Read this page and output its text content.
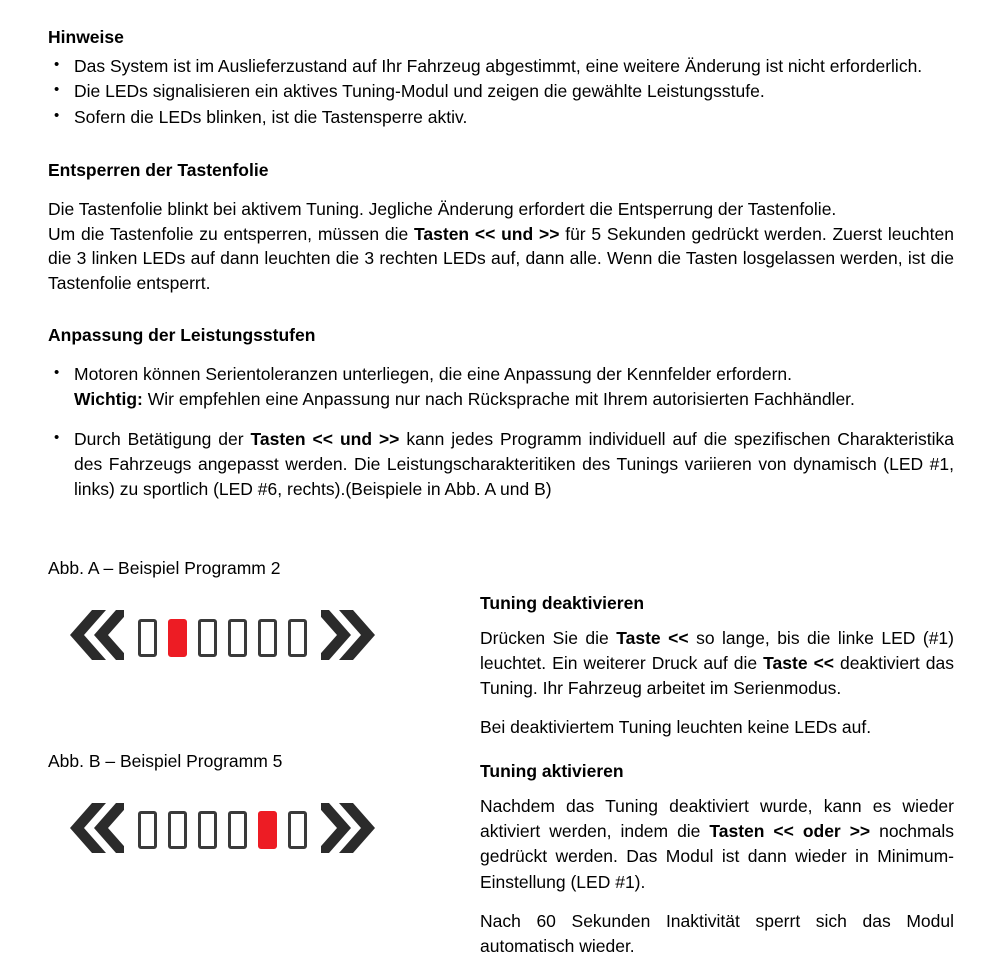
Hinweise
• Das System ist im Auslieferzustand auf Ihr Fahrzeug abgestimmt, eine weitere Änderung ist nicht erforderlich.
• Die LEDs signalisieren ein aktives Tuning-Modul und zeigen die gewählte Leistungsstufe.
• Sofern die LEDs blinken, ist die Tastensperre aktiv.
Entsperren der Tastenfolie

Die Tastenfolie blinkt bei aktivem Tuning. Jegliche Änderung erfordert die Entsperrung der Tastenfolie.

Um die Tastenfolie zu entsperren, müssen die Tasten << und >> für 5 Sekunden gedrückt werden. Zuerst leuchten die 3 linken LEDs auf dann leuchten die 3 rechten LEDs auf, dann alle. Wenn die Tasten losgelassen werden, ist die Tastenfolie entsperrt.

Anpassung der Leistungsstufen
• Motoren können Serientoleranzen unterliegen, die eine Anpassung der Kennfelder erfordern.
Wichtig: Wir empfehlen eine Anpassung nur nach Rücksprache mit Ihrem autorisierten Fachhändler.
• Durch Betätigung der Tasten << und >> kann jedes Programm individuell auf die spezifischen Charakteristika des Fahrzeugs angepasst werden. Die Leistungscharakteritiken des Tunings variieren von dynamisch (LED #1, links) zu sportlich (LED #6, rechts).(Beispiele in Abb. A und B)

Abb. A – Beispiel Programm 2

Abb. B – Beispiel Programm 5

Tuning deaktivieren

Drücken Sie die Taste << so lange, bis die linke LED (#1) leuchtet. Ein weiterer Druck auf die Taste << deaktiviert das Tuning. Ihr Fahrzeug arbeitet im Serienmodus.

Bei deaktiviertem Tuning leuchten keine LEDs auf.

Tuning aktivieren

Nachdem das Tuning deaktiviert wurde, kann es wieder aktiviert werden, indem die Tasten << oder >> nochmals gedrückt werden. Das Modul ist dann wieder in Minimum-Einstellung (LED #1).

Nach 60 Sekunden Inaktivität sperrt sich das Modul automatisch wieder.
